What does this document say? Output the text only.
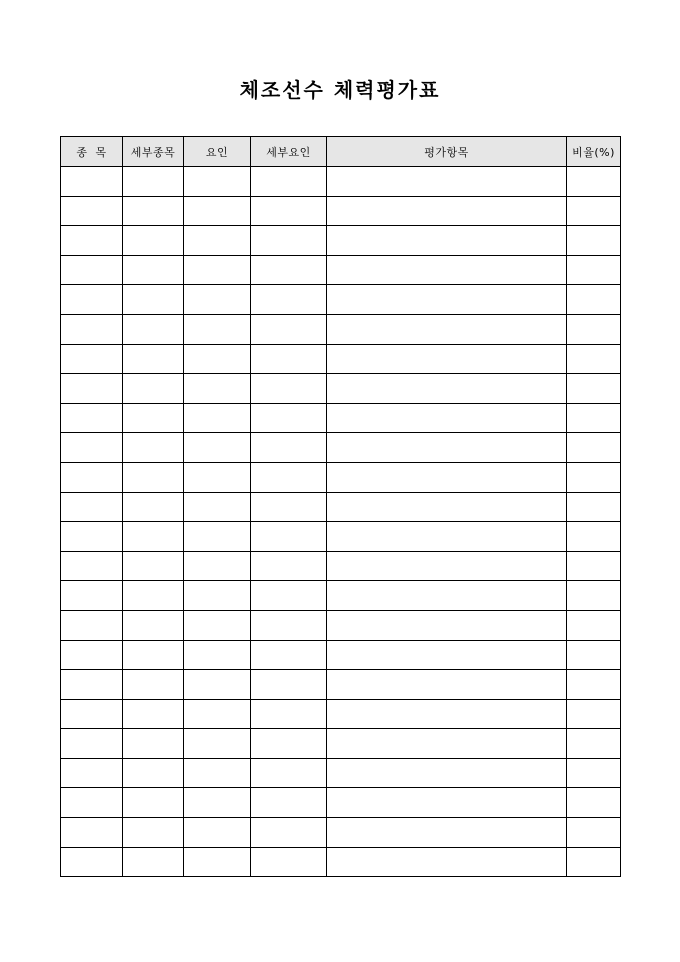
체조선수 체력평가표
종  목	세부종목	요인	세부요인	평가항목	비율(%)
